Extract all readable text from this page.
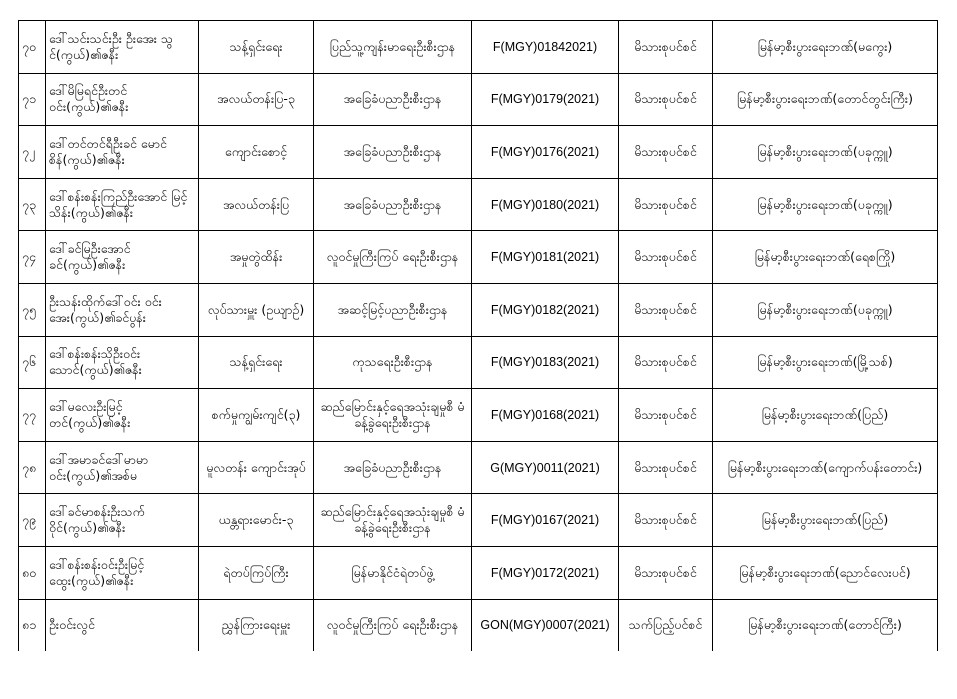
၇၀	ဒေါ်သင်းသင်းဦး ဦးအေး သွင်(ကွယ်)၏ဇနီး	သန့်ရှင်းရေး	ပြည်သူ့ကျန်းမာရေးဦးစီးဌာန	F(MGY)01842021)	မိသားစုပင်စင်	မြန်မာ့စီးပွားရေးဘဏ်(မကွေး)
၇၁	ဒေါ်မိမြရင်ဦးတင် ဝင်း(ကွယ်)၏ဇနီး	အလယ်တန်းပြ-၃	အခြေခံပညာဦးစီးဌာန	F(MGY)0179(2021)	မိသားစုပင်စင်	မြန်မာ့စီးပွားရေးဘဏ်(တောင်တွင်းကြီး)
၇၂	ဒေါ်တင်တင်ရီဦးခင် မောင်စိန်(ကွယ်)၏ဇနီး	ကျောင်းစောင့်	အခြေခံပညာဦးစီးဌာန	F(MGY)0176(2021)	မိသားစုပင်စင်	မြန်မာ့စီးပွားရေးဘဏ်(ပခုက္ကူ)
၇၃	ဒေါ်စန်းစန်းကြည်ဦးအောင် မြင့်သိန်း(ကွယ်)၏ဇနီး	အလယ်တန်းပြ	အခြေခံပညာဦးစီးဌာန	F(MGY)0180(2021)	မိသားစုပင်စင်	မြန်မာ့စီးပွားရေးဘဏ်(ပခုက္ကူ)
၇၄	ဒေါ်ခင်မြဦးအောင် ခင်(ကွယ်)၏ဇနီး	အမှုတွဲထိန်း	လူဝင်မှုကြီးကြပ် ရေးဦးစီးဌာန	F(MGY)0181(2021)	မိသားစုပင်စင်	မြန်မာ့စီးပွားရေးဘဏ်(ရေစကြို)
၇၅	ဦးသန်းထိုက်ဒေါ်ဝင်း ဝင်းအေး(ကွယ်)၏ခင်ပွန်း	လုပ်သားမှူး (ဥယျာဉ်)	အဆင့်မြင့်ပညာဦးစီးဌာန	F(MGY)0182(2021)	မိသားစုပင်စင်	မြန်မာ့စီးပွားရေးဘဏ်(ပခုက္ကူ)
၇၆	ဒေါ်စန်းစန်းသိုဦးဝင်း သောင်(ကွယ်)၏ဇနီး	သန့်ရှင်းရေး	ကုသရေးဦးစီးဌာန	F(MGY)0183(2021)	မိသားစုပင်စင်	မြန်မာ့စီးပွားရေးဘဏ်(မြို့သစ်)
၇၇	ဒေါ်မလေးဦးမြင့် တင်(ကွယ်)၏ဇနီး	စက်မှုကျွမ်းကျင်(၃)	ဆည်မြောင်းနှင့်ရေအသုံးချမှုစီ မံခန့်ခွဲရေးဦးစီးဌာန	F(MGY)0168(2021)	မိသားစုပင်စင်	မြန်မာ့စီးပွားရေးဘဏ်(ပြည်)
၇၈	ဒေါ်အမာခင်ဒေါ်မာမာ ဝင်း(ကွယ်)၏အစ်မ	မူလတန်း ကျောင်းအုပ်	အခြေခံပညာဦးစီးဌာန	G(MGY)0011(2021)	မိသားစုပင်စင်	မြန်မာ့စီးပွားရေးဘဏ်(ကျောက်ပန်းတောင်း)
၇၉	ဒေါ်ခင်မာစန်းဦးသက် ဝိုင်(ကွယ်)၏ဇနီး	ယန္တရားမောင်း-၃	ဆည်မြောင်းနှင့်ရေအသုံးချမှုစီ မံခန့်ခွဲရေးဦးစီးဌာန	F(MGY)0167(2021)	မိသားစုပင်စင်	မြန်မာ့စီးပွားရေးဘဏ်(ပြည်)
၈၀	ဒေါ်စန်းစန်းဝင်းဦးမြင့် ထွေး(ကွယ်)၏ဇနီး	ရဲတပ်ကြပ်ကြီး	မြန်မာနိုင်ငံရဲတပ်ဖွဲ့	F(MGY)0172(2021)	မိသားစုပင်စင်	မြန်မာ့စီးပွားရေးဘဏ်(ညောင်လေးပင်)
၈၁	ဦးဝင်းလွင်	ညွှန်ကြားရေးမှူး	လူဝင်မှုကြီးကြပ် ရေးဦးစီးဌာန	GON(MGY)0007(2021)	သက်ပြည့်ပင်စင်	မြန်မာ့စီးပွားရေးဘဏ်(တောင်ကြီး)
